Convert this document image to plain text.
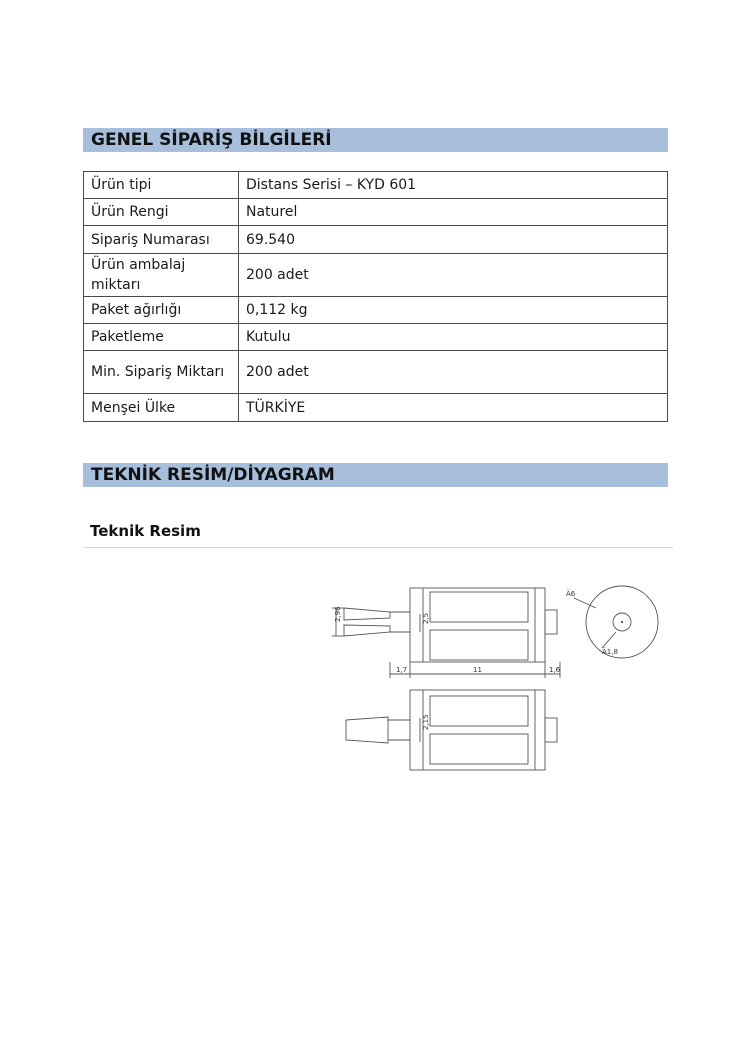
GENEL SİPARİŞ BİLGİLERİ
Ürün tipi	Distans Serisi – KYD 601
Ürün Rengi	Naturel
Sipariş Numarası	69.540
Ürün ambalaj miktarı	200 adet
Paket ağırlığı	0,112 kg
Paketleme	Kutulu
Min. Sipariş Miktarı	200 adet
Menşei Ülke	TÜRKİYE
TEKNİK RESİM/DİYAGRAM
Teknik Resim
2,96	2,5
1,7	11	1,6
Ä6
Ä1,8
2,15
